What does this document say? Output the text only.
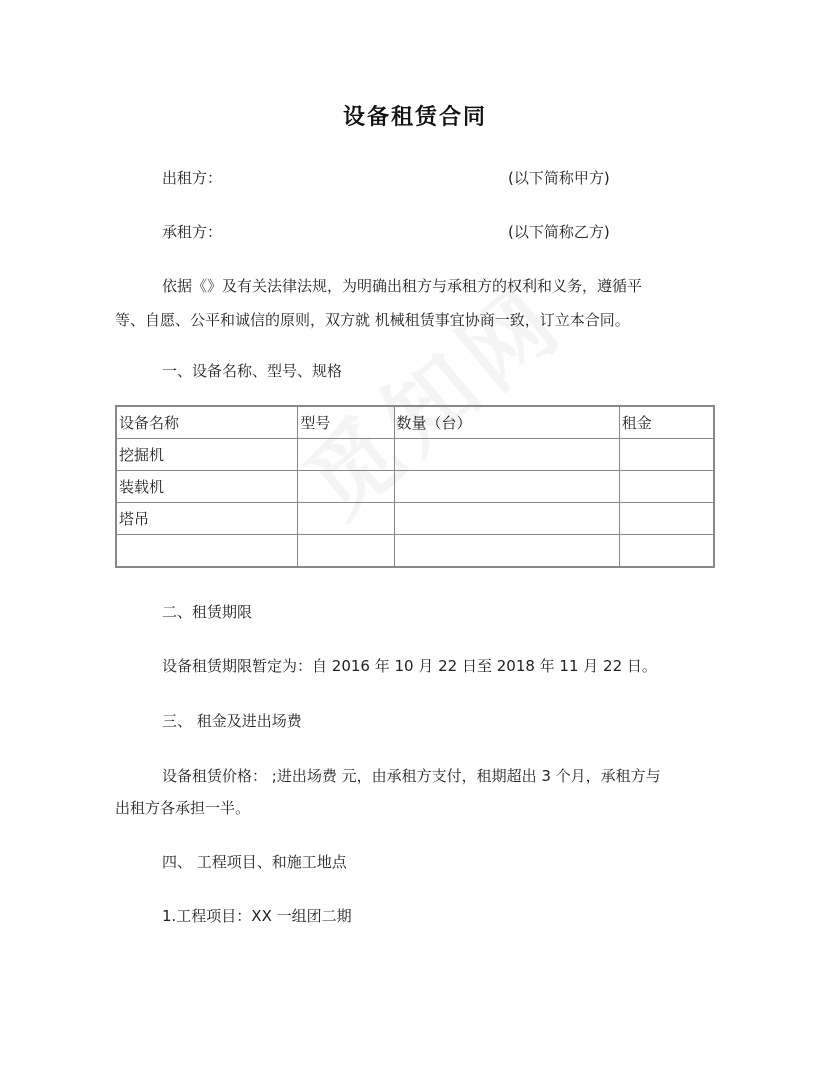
设备租赁合同
出租方：	(以下简称甲方)
承租方：	(以下简称乙方)
依据《》及有关法律法规，为明确出租方与承租方的权利和义务，遵循平
等、自愿、公平和诚信的原则，双方就 机械租赁事宜协商一致，订立本合同。
一、设备名称、型号、规格
设备名称	型号	数量（台）	租金
挖掘机			
装载机			
塔吊			

二、租赁期限
设备租赁期限暂定为：自 2016 年 10 月 22 日至 2018 年 11 月 22 日。
三、 租金及进出场费
设备租赁价格： ;进出场费 元，由承租方支付，租期超出 3 个月，承租方与
出租方各承担一半。
四、 工程项目、和施工地点
1.工程项目：XX 一组团二期
